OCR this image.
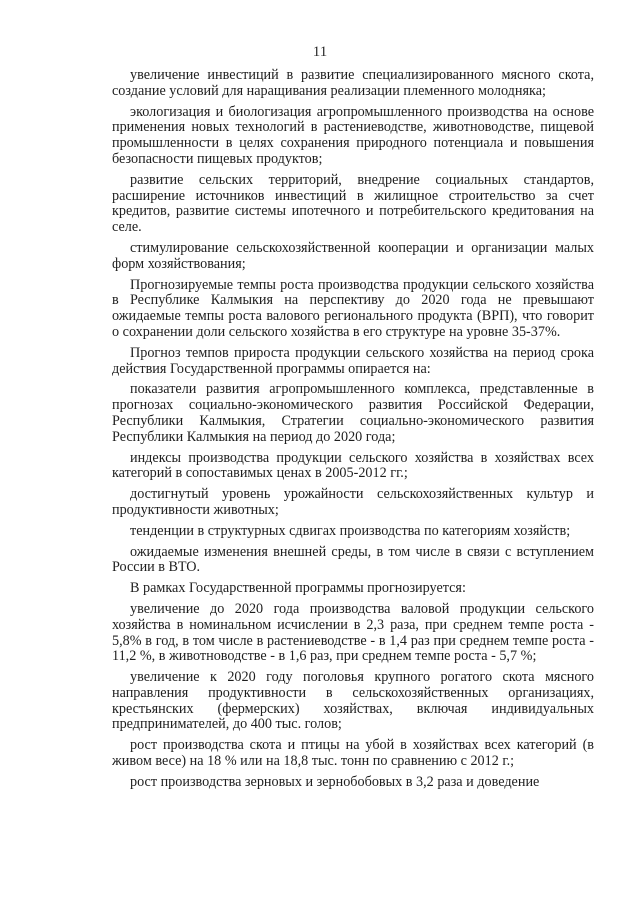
11

увеличение инвестиций в развитие специализированного мясного скота, создание условий для наращивания реализации племенного молодняка;

экологизация и биологизация агропромышленного производства на основе применения новых технологий в растениеводстве, животноводстве, пищевой промышленности в целях сохранения природного потенциала и повышения безопасности пищевых продуктов;

развитие сельских территорий, внедрение социальных стандартов, расширение источников инвестиций в жилищное строительство за счет кредитов, развитие системы ипотечного и потребительского кредитования на селе.

стимулирование сельскохозяйственной кооперации и организации малых форм хозяйствования;

Прогнозируемые темпы роста производства продукции сельского хозяйства в Республике Калмыкия на перспективу до 2020 года не превышают ожидаемые темпы роста валового регионального продукта (ВРП), что говорит о сохранении доли сельского хозяйства в его структуре на уровне 35-37%.

Прогноз темпов прироста продукции сельского хозяйства на период срока действия Государственной программы опирается на:

показатели развития агропромышленного комплекса, представленные в прогнозах социально-экономического развития Российской Федерации, Республики Калмыкия, Стратегии социально-экономического развития Республики Калмыкия на период до 2020 года;

индексы производства продукции сельского хозяйства в хозяйствах всех категорий в сопоставимых ценах в 2005-2012 гг.;

достигнутый уровень урожайности сельскохозяйственных культур и продуктивности животных;

тенденции в структурных сдвигах производства по категориям хозяйств;

ожидаемые изменения внешней среды, в том числе в связи с вступлением России в ВТО.

В рамках Государственной программы прогнозируется:

увеличение до 2020 года производства валовой продукции сельского хозяйства в номинальном исчислении в 2,3 раза, при среднем темпе роста - 5,8% в год, в том числе в растениеводстве - в 1,4 раз при среднем темпе роста - 11,2 %, в животноводстве - в 1,6 раз, при среднем темпе роста - 5,7 %;

увеличение к 2020 году поголовья крупного рогатого скота мясного направления продуктивности в сельскохозяйственных организациях, крестьянских (фермерских) хозяйствах, включая индивидуальных предпринимателей, до 400 тыс. голов;

рост производства скота и птицы на убой в хозяйствах всех категорий (в живом весе) на 18 % или на 18,8 тыс. тонн по сравнению с 2012 г.;

рост производства зерновых и зернобобовых в 3,2 раза и доведение
